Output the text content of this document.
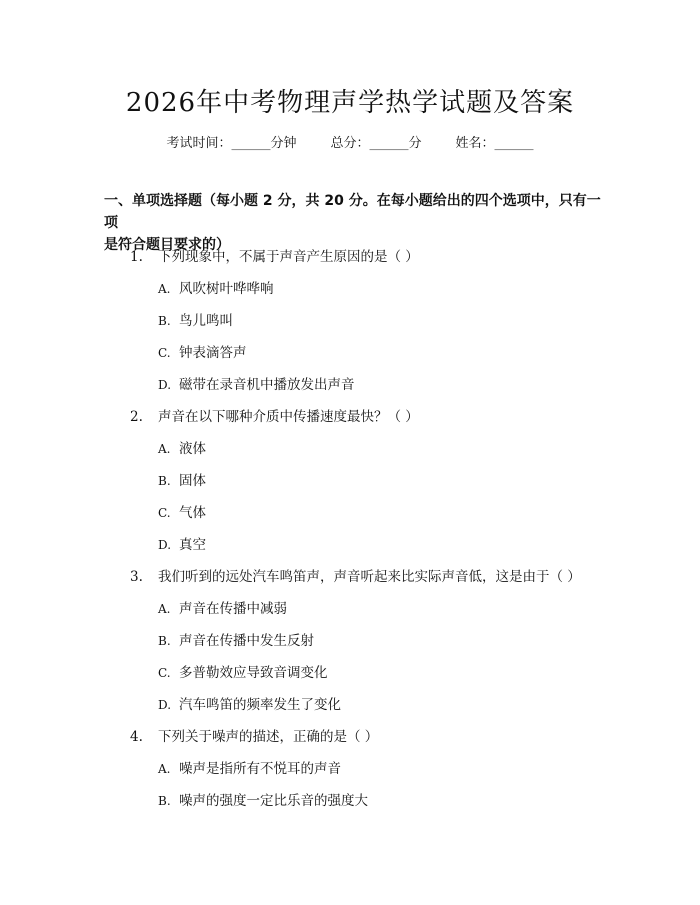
2026年中考物理声学热学试题及答案
考试时间：______分钟	总分：______分	姓名：______
一、单项选择题（每小题 2 分，共 20 分。在每小题给出的四个选项中，只有一项
是符合题目要求的）
1. 下列现象中，不属于声音产生原因的是（ ）
A. 风吹树叶哗哗响
B. 鸟儿鸣叫
C. 钟表滴答声
D. 磁带在录音机中播放发出声音
2. 声音在以下哪种介质中传播速度最快？（ ）
A. 液体
B. 固体
C. 气体
D. 真空
3. 我们听到的远处汽车鸣笛声，声音听起来比实际声音低，这是由于（ ）
A. 声音在传播中减弱
B. 声音在传播中发生反射
C. 多普勒效应导致音调变化
D. 汽车鸣笛的频率发生了变化
4. 下列关于噪声的描述，正确的是（ ）
A. 噪声是指所有不悦耳的声音
B. 噪声的强度一定比乐音的强度大
